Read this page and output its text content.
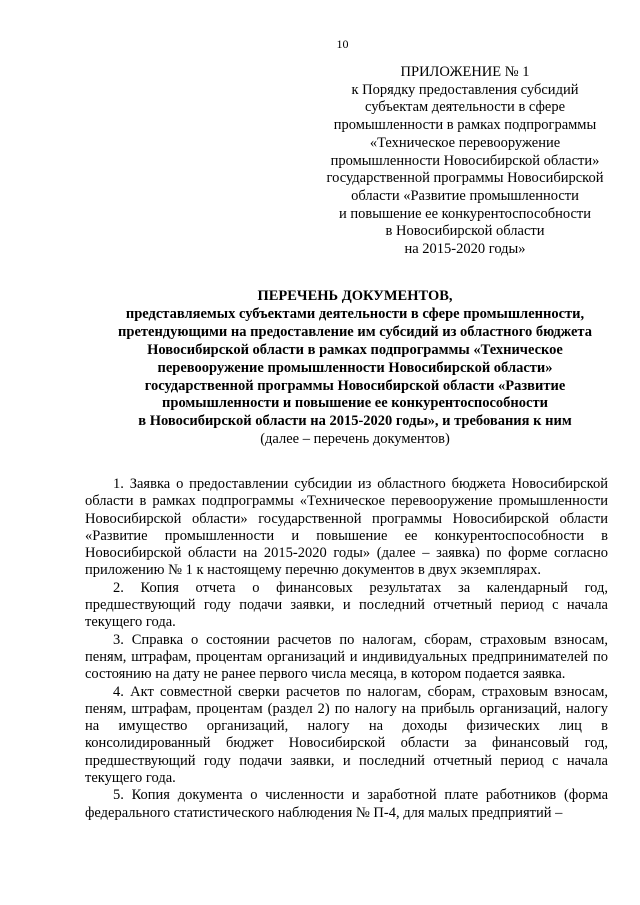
10
ПРИЛОЖЕНИЕ № 1
к Порядку предоставления субсидий
субъектам деятельности в сфере
промышленности в рамках подпрограммы
«Техническое перевооружение
промышленности Новосибирской области»
государственной программы Новосибирской
области «Развитие промышленности
и повышение ее конкурентоспособности
в Новосибирской области
на 2015-2020 годы»

ПЕРЕЧЕНЬ ДОКУМЕНТОВ,

представляемых субъектами деятельности в сфере промышленности,

претендующими на предоставление им субсидий из областного бюджета

Новосибирской области в рамках подпрограммы «Техническое

перевооружение промышленности Новосибирской области»

государственной программы Новосибирской области «Развитие

промышленности и повышение ее конкурентоспособности

в Новосибирской области на 2015-2020 годы», и требования к ним

(далее – перечень документов)

1. Заявка о предоставлении субсидии из областного бюджета Новосибирской области в рамках подпрограммы «Техническое перевооружение промышленности Новосибирской области» государственной программы Новосибирской области «Развитие промышленности и повышение ее конкурентоспособности в Новосибирской области на 2015-2020 годы» (далее – заявка) по форме согласно приложению № 1 к настоящему перечню документов в двух экземплярах.

2. Копия отчета о финансовых результатах за календарный год, предшествующий году подачи заявки, и последний отчетный период с начала текущего года.

3. Справка о состоянии расчетов по налогам, сборам, страховым взносам, пеням, штрафам, процентам организаций и индивидуальных предпринимателей по состоянию на дату не ранее первого числа месяца, в котором подается заявка.

4. Акт совместной сверки расчетов по налогам, сборам, страховым взносам, пеням, штрафам, процентам (раздел 2) по налогу на прибыль организаций, налогу на имущество организаций, налогу на доходы физических лиц в консолидированный бюджет Новосибирской области за финансовый год, предшествующий году подачи заявки, и последний отчетный период с начала текущего года.

5. Копия документа о численности и заработной плате работников (форма федерального статистического наблюдения № П-4, для малых предприятий –
